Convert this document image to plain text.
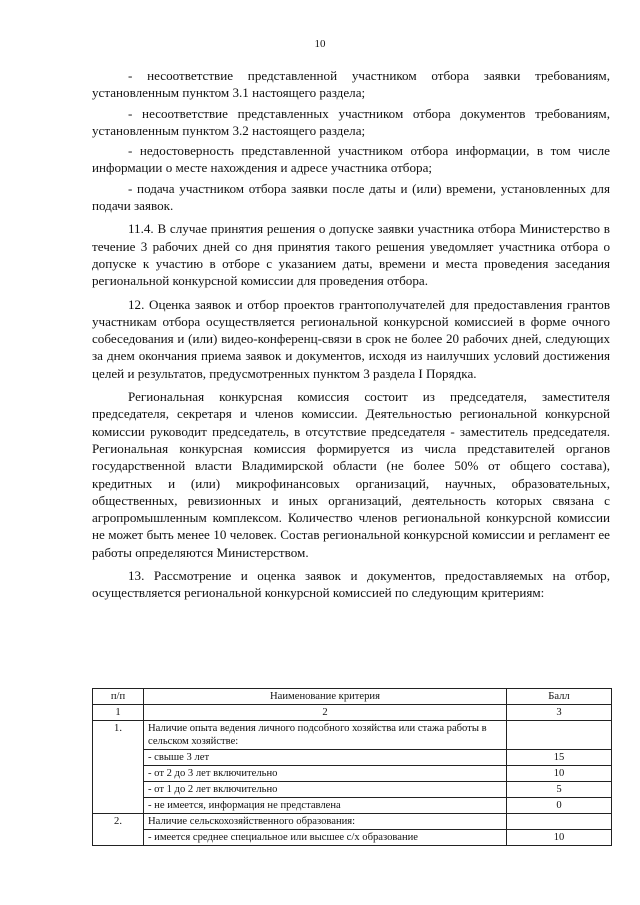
10

- несоответствие представленной участником отбора заявки требованиям, установленным пунктом 3.1 настоящего раздела;

- несоответствие представленных участником отбора документов требованиям, установленным пунктом 3.2 настоящего раздела;

- недостоверность представленной участником отбора информации, в том числе информации о месте нахождения и адресе участника отбора;

- подача участником отбора заявки после даты и (или) времени, установленных для подачи заявок.

11.4. В случае принятия решения о допуске заявки участника отбора Министерство в течение 3 рабочих дней со дня принятия такого решения уведомляет участника отбора о допуске к участию в отборе с указанием даты, времени и места проведения заседания региональной конкурсной комиссии для проведения отбора.

12. Оценка заявок и отбор проектов грантополучателей для предоставления грантов участникам отбора осуществляется региональной конкурсной комиссией в форме очного собеседования и (или) видео-конференц-связи в срок не более 20 рабочих дней, следующих за днем окончания приема заявок и документов, исходя из наилучших условий достижения целей и результатов, предусмотренных пунктом 3 раздела I Порядка.

Региональная конкурсная комиссия состоит из председателя, заместителя председателя, секретаря и членов комиссии. Деятельностью региональной конкурсной комиссии руководит председатель, в отсутствие председателя - заместитель председателя. Региональная конкурсная комиссия формируется из числа представителей органов государственной власти Владимирской области (не более 50% от общего состава), кредитных и (или) микрофинансовых организаций, научных, образовательных, общественных, ревизионных и иных организаций, деятельность которых связана с агропромышленным комплексом. Количество членов региональной конкурсной комиссии не может быть менее 10 человек. Состав региональной конкурсной комиссии и регламент ее работы определяются Министерством.

13. Рассмотрение и оценка заявок и документов, предоставляемых на отбор, осуществляется региональной конкурсной комиссией по следующим критериям:

п/п	Наименование критерия	Балл
1	2	3
1.	Наличие опыта ведения личного подсобного хозяйства или стажа работы в сельском хозяйстве:	
	- свыше 3 лет	15
	- от 2 до 3 лет включительно	10
	- от 1 до 2 лет включительно	5
	- не имеется, информация не представлена	0
2.	Наличие сельскохозяйственного образования:	
	- имеется среднее специальное или высшее с/х образование	10
